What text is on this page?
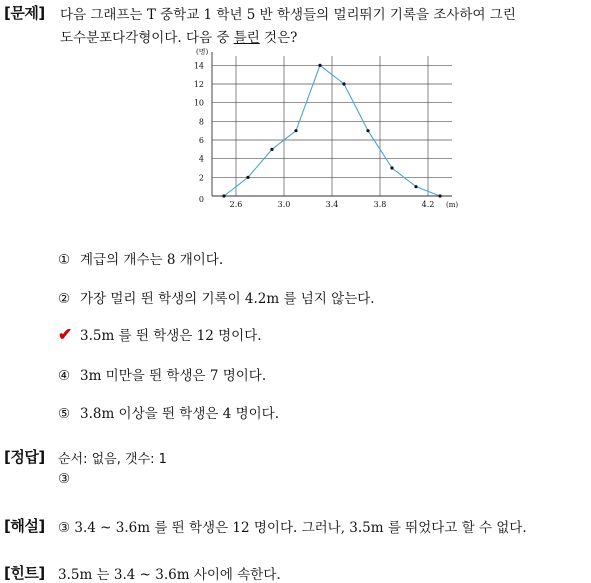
[문제] 다음 그래프는 T 중학교 1 학년 5 반 학생들의 멀리뛰기 기록을 조사하여 그린
도수분포다각형이다. 다음 중 틀린 것은?
0
2
4
6
8
10
12
14
2.6	3.0	3.4	3.8	4.2
(명)
(m)
① 계급의 개수는 8 개이다.
② 가장 멀리 뛴 학생의 기록이 4.2m 를 넘지 않는다.
✔ 3.5m 를 뛴 학생은 12 명이다.
④ 3m 미만을 뛴 학생은 7 명이다.
⑤ 3.8m 이상을 뛴 학생은 4 명이다.
[정답] 순서: 없음, 갯수: 1
③
[해설] ③ 3.4 ~ 3.6m 를 뛴 학생은 12 명이다. 그러나, 3.5m 를 뛰었다고 할 수 없다.
[힌트] 3.5m 는 3.4 ~ 3.6m 사이에 속한다.
